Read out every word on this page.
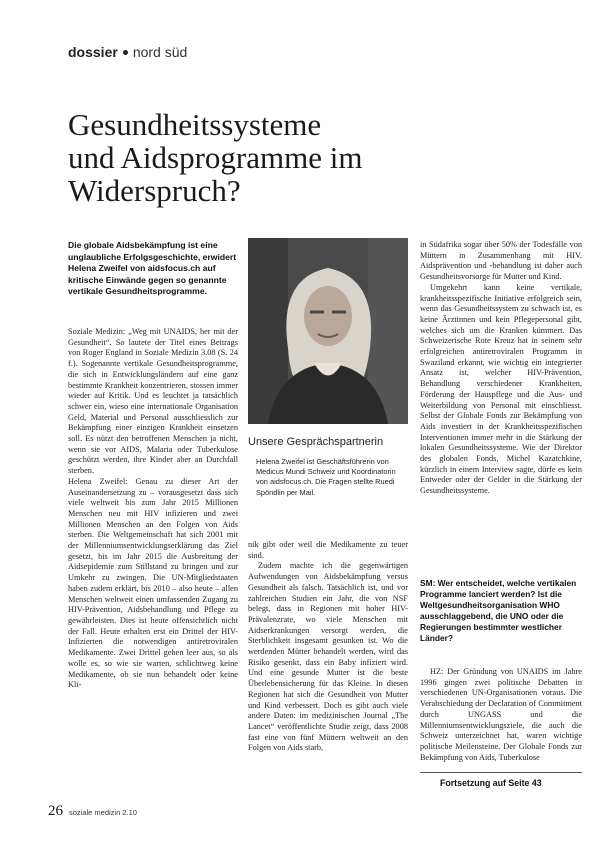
dossier nord süd
Gesundheitssysteme
und Aidsprogramme im
Widerspruch?
Die globale Aidsbekämpfung ist eine unglaubliche Erfolgsgeschichte, erwidert Helena Zweifel von aidsfocus.ch auf kritische Einwände gegen so genannte vertikale Gesundheitsprogramme.

Soziale Medizin: „Weg mit UNAIDS, her mit der Gesundheit“. So lautete der Titel eines Beitrags von Roger England in Soziale Medizin 3.08 (S. 24 f.). Sogenannte vertikale Gesundheitsprogramme, die sich in Entwicklungsländern auf eine ganz bestimmte Krankheit konzentrieren, stossen immer wieder auf Kritik. Und es leuchtet ja tatsächlich schwer ein, wieso eine internationale Organisation Geld, Material und Personal ausschliesslich zur Bekämpfung einer einzigen Krankheit einsetzen soll. Es nützt den betroffenen Menschen ja nicht, wenn sie vor AIDS, Malaria oder Tuberkulose geschützt werden, ihre Kinder aber an Durchfall sterben.

Helena Zweifel: Genau zu dieser Art der Auseinandersetzung zu – vorausgesetzt dass sich viele weltweit bis zum Jahr 2015 Millionen Menschen neu mit HIV infizieren und zwei Millionen Menschen an den Folgen von Aids sterben. Die Weltgemeinschaft hat sich 2001 mit der Millenniumsentwicklungserklärung das Ziel gesetzt, bis im Jahr 2015 die Ausbreitung der Aidsepidemie zum Stillstand zu bringen und zur Umkehr zu zwingen. Die UN-Mitgliedstaaten haben zudem erklärt, bis 2010 – also heute – allen Menschen weltweit einen umfassenden Zugang zu HIV-Prävention, Aidsbehandlung und Pflege zu gewährleisten. Dies ist heute offensichtlich nicht der Fall. Heute erhalten erst ein Drittel der HIV-Infizierten die notwendigen antiretroviralen Medikamente. Zwei Drittel gehen leer aus, so als wolle es, so wie sie warten, schlichtweg keine Medikamente, ob sie nun behandelt oder keine Kli-

Unsere Gesprächspartnerin
Helena Zweifel ist Geschäftsführerin von Medicus Mundi Schweiz und Koordinatorin von aidsfocus.ch. Die Fragen stellte Ruedi Spöndlin per Mail.

nik gibt oder weil die Medikamente zu teuer sind.

Zudem machte ich die gegenwärtigen Aufwendungen von Aidsbekämpfung versus Gesundheit als falsch. Tatsächlich ist, und vor zahlreichen Studien ein Jahr, die von NSF belegt, dass in Regionen mit hoher HIV-Prävalenzrate, wo viele Menschen mit Aidserkrankungen versorgt werden, die Sterblichkeit insgesamt gesunken ist. Wo die werdenden Mütter behandelt werden, wird das Risiko gesenkt, dass ein Baby infiziert wird. Und eine gesunde Mutter ist die beste Überlebensicherung für das Kleine. In diesen Regionen hat sich die Gesundheit von Mutter und Kind verbessert. Doch es gibt auch viele andere Daten: im medizinischen Journal „The Lancet“ veröffentlichte Studie zeigt, dass 2008 fast eine von fünf Müttern weltweit an den Folgen von Aids starb,

in Südafrika sogar über 50% der Todesfälle von Müttern in Zusammenhang mit HIV. Aidsprävention und -behandlung ist daher auch Gesundheitsvorsorge für Mutter und Kind.

Umgekehrt kann keine vertikale, krankheitsspezifische Initiative erfolgreich sein, wenn das Gesundheitssystem zu schwach ist, es keine Ärztinnen und kein Pflegepersonal gibt, welches sich um die Kranken kümmert. Das Schweizerische Rote Kreuz hat in seinem sehr erfolgreichen antiretroviralen Programm in Swaziland erkannt, wie wichtig ein integrierter Ansatz ist, welcher HIV-Prävention, Behandlung verschiedener Krankheiten, Förderung der Hauspflege und die Aus- und Weiterbildung von Personal mit einschliesst. Selbst der Globale Fonds zur Bekämpfung von Aids investiert in der Krankheitsspezifischen Interventionen immer mehr in die Stärkung der lokalen Gesundheitssysteme. Wie der Direktor des globalen Fonds, Michel Kazatchkine, kürzlich in einem Interview sagte, dürfe es kein Entweder oder der Gelder in die Stärkung der Gesundheitssysteme.

SM: Wer entscheidet, welche vertikalen Programme lanciert werden? Ist die Weltgesundheitsorganisation WHO ausschlaggebend, die UNO oder die Regierungen bestimmter westlicher Länder?

HZ: Der Gründung von UNAIDS im Jahre 1996 gingen zwei politische Debatten in verschiedenen UN-Organisationen voraus. Die Verabschiedung der Declaration of Commitment durch UNGASS und die Millenniumsentwicklungsziele, die auch die Schweiz unterzeichnet hat, waren wichtige politische Meilensteine. Der Globale Fonds zur Bekämpfung von Aids, Tuberkulose

Fortsetzung auf Seite 43
26 soziale medizin 2.10
